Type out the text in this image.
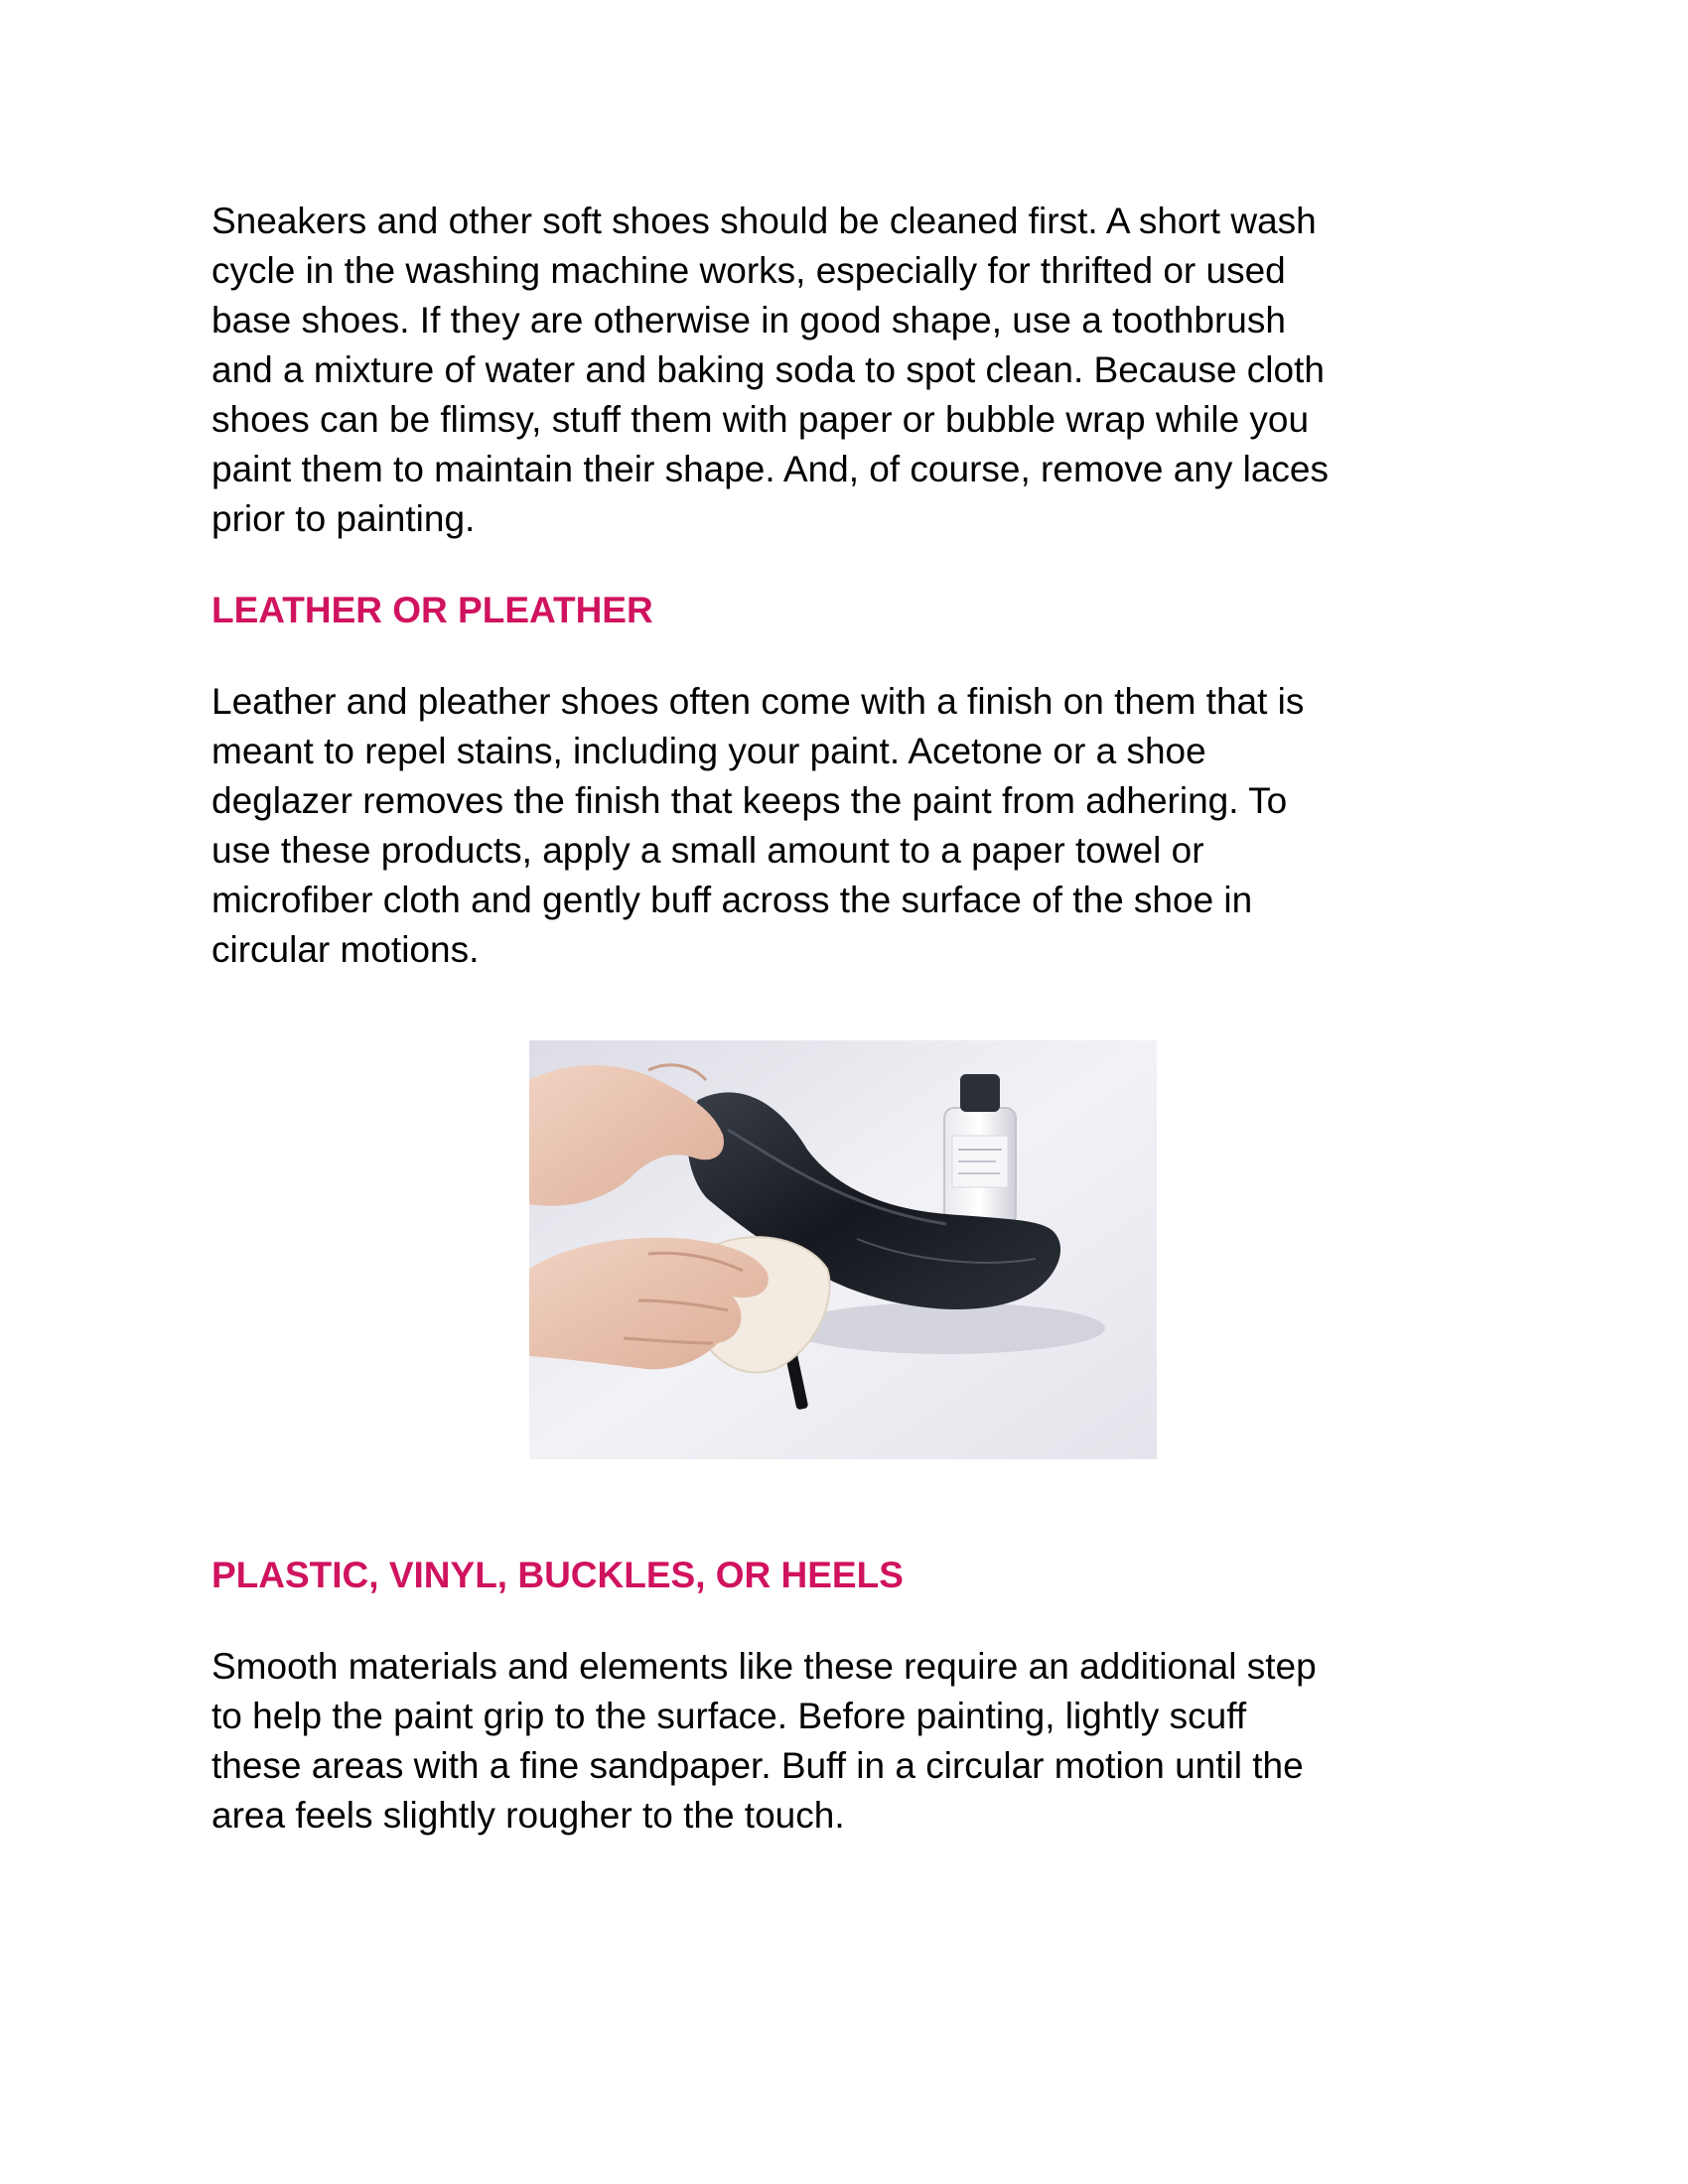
Sneakers and other soft shoes should be cleaned first. A short wash
cycle in the washing machine works, especially for thrifted or used
base shoes. If they are otherwise in good shape, use a toothbrush
and a mixture of water and baking soda to spot clean. Because cloth
shoes can be flimsy, stuff them with paper or bubble wrap while you
paint them to maintain their shape. And, of course, remove any laces
prior to painting.

LEATHER OR PLEATHER

Leather and pleather shoes often come with a finish on them that is
meant to repel stains, including your paint. Acetone or a shoe
deglazer removes the finish that keeps the paint from adhering. To
use these products, apply a small amount to a paper towel or
microfiber cloth and gently buff across the surface of the shoe in
circular motions.

PLASTIC, VINYL, BUCKLES, OR HEELS

Smooth materials and elements like these require an additional step
to help the paint grip to the surface. Before painting, lightly scuff
these areas with a fine sandpaper. Buff in a circular motion until the
area feels slightly rougher to the touch.
